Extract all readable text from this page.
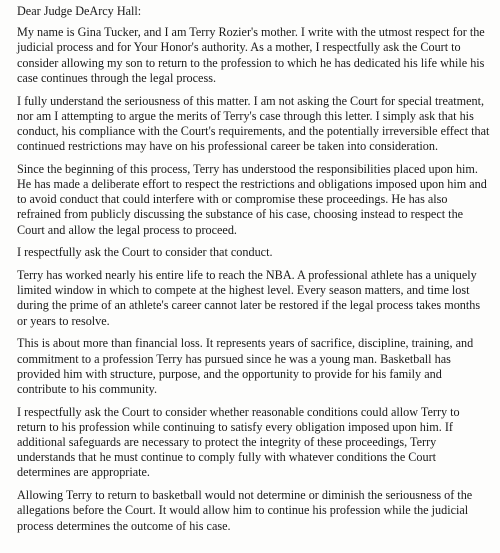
Dear Judge DeArcy Hall:

My name is Gina Tucker, and I am Terry Rozier's mother. I write with the utmost respect for the judicial process and for Your Honor's authority. As a mother, I respectfully ask the Court to consider allowing my son to return to the profession to which he has dedicated his life while his case continues through the legal process.

I fully understand the seriousness of this matter. I am not asking the Court for special treatment, nor am I attempting to argue the merits of Terry's case through this letter. I simply ask that his conduct, his compliance with the Court's requirements, and the potentially irreversible effect that continued restrictions may have on his professional career be taken into consideration.

Since the beginning of this process, Terry has understood the responsibilities placed upon him. He has made a deliberate effort to respect the restrictions and obligations imposed upon him and to avoid conduct that could interfere with or compromise these proceedings. He has also refrained from publicly discussing the substance of his case, choosing instead to respect the Court and allow the legal process to proceed.

I respectfully ask the Court to consider that conduct.

Terry has worked nearly his entire life to reach the NBA. A professional athlete has a uniquely limited window in which to compete at the highest level. Every season matters, and time lost during the prime of an athlete's career cannot later be restored if the legal process takes months or years to resolve.

This is about more than financial loss. It represents years of sacrifice, discipline, training, and commitment to a profession Terry has pursued since he was a young man. Basketball has provided him with structure, purpose, and the opportunity to provide for his family and contribute to his community.

I respectfully ask the Court to consider whether reasonable conditions could allow Terry to return to his profession while continuing to satisfy every obligation imposed upon him. If additional safeguards are necessary to protect the integrity of these proceedings, Terry understands that he must continue to comply fully with whatever conditions the Court determines are appropriate.

Allowing Terry to return to basketball would not determine or diminish the seriousness of the allegations before the Court. It would allow him to continue his profession while the judicial process determines the outcome of his case.
